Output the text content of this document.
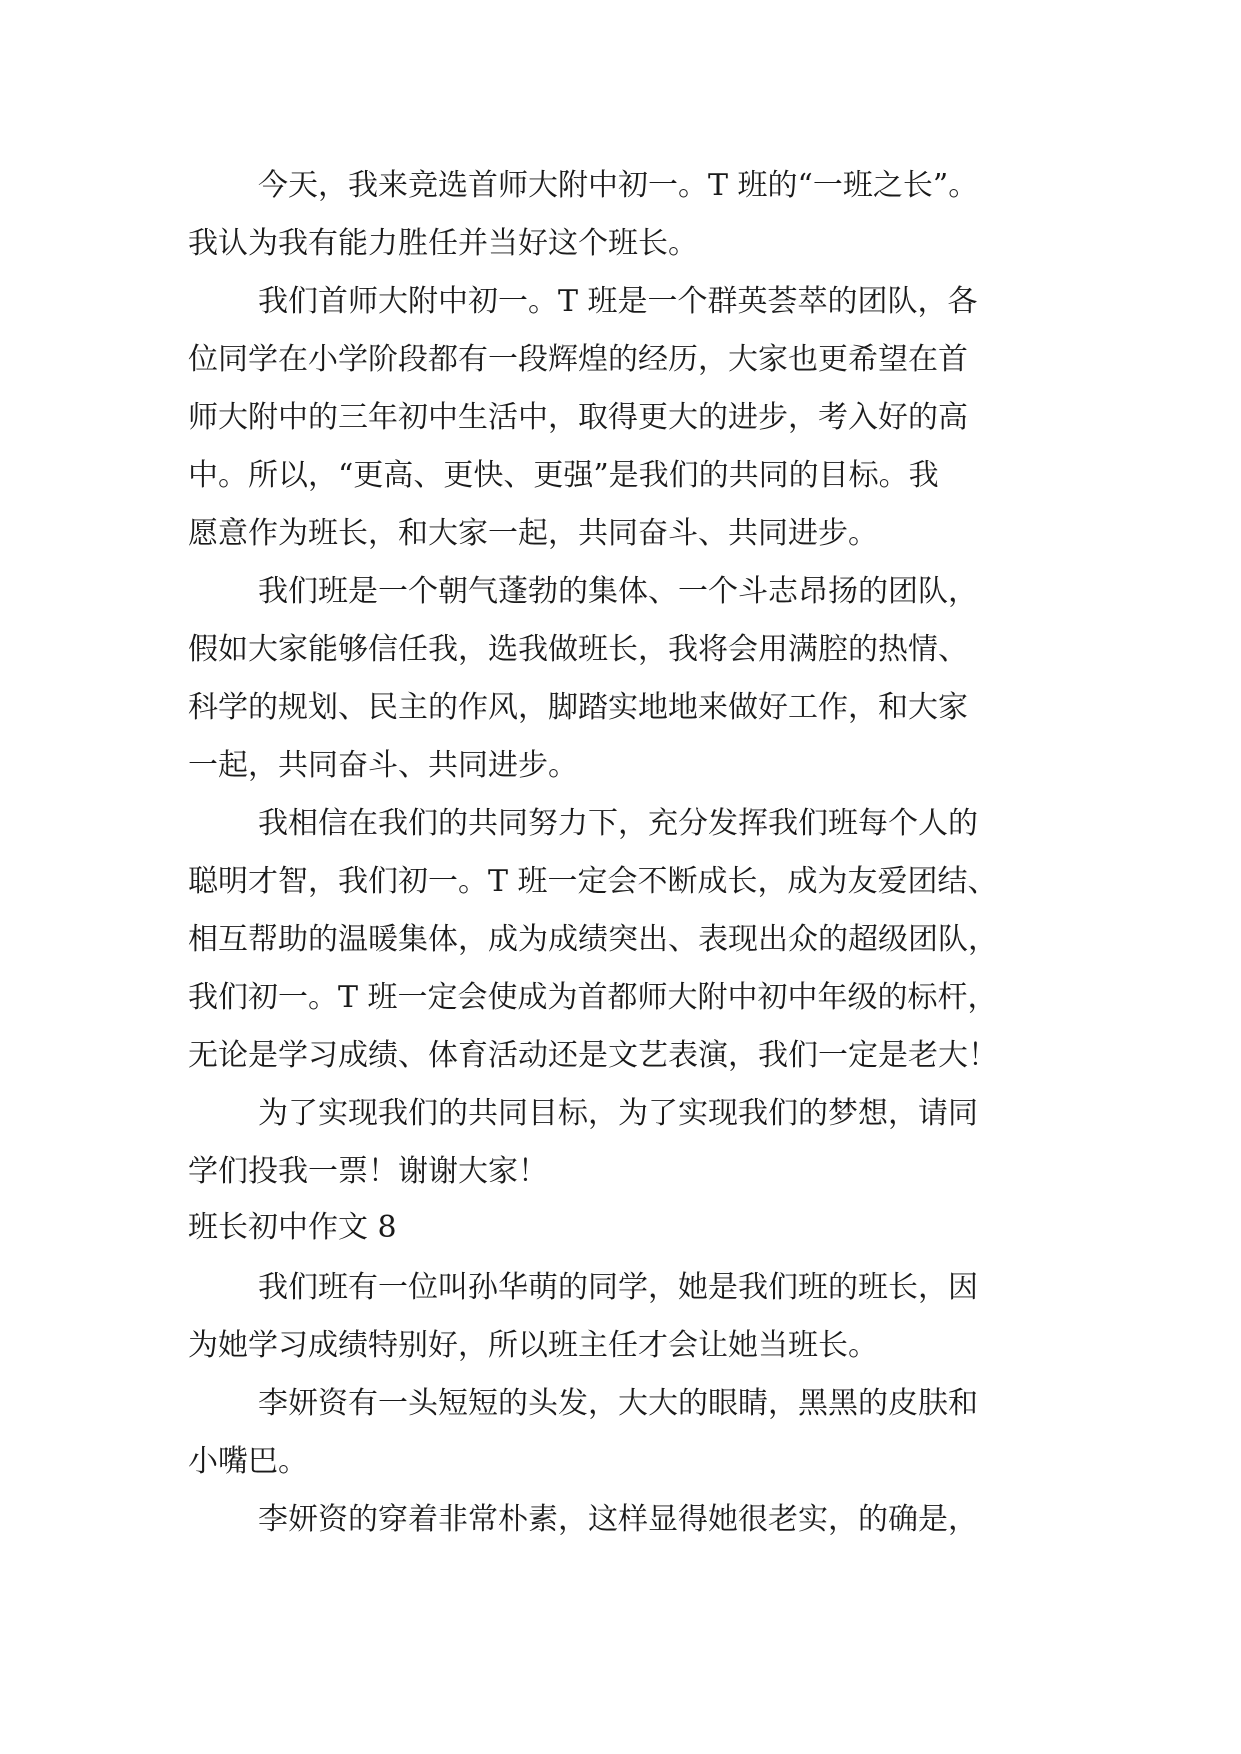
今天，我来竞选首师大附中初一。T 班的“一班之长”。

我认为我有能力胜任并当好这个班长。

我们首师大附中初一。T 班是一个群英荟萃的团队，各

位同学在小学阶段都有一段辉煌的经历，大家也更希望在首

师大附中的三年初中生活中，取得更大的进步，考入好的高

中。所以，“更高、更快、更强”是我们的共同的目标。我

愿意作为班长，和大家一起，共同奋斗、共同进步。

我们班是一个朝气蓬勃的集体、一个斗志昂扬的团队，

假如大家能够信任我，选我做班长，我将会用满腔的热情、

科学的规划、民主的作风，脚踏实地地来做好工作，和大家

一起，共同奋斗、共同进步。

我相信在我们的共同努力下，充分发挥我们班每个人的

聪明才智，我们初一。T 班一定会不断成长，成为友爱团结、

相互帮助的温暖集体，成为成绩突出、表现出众的超级团队，

我们初一。T 班一定会使成为首都师大附中初中年级的标杆，

无论是学习成绩、体育活动还是文艺表演，我们一定是老大！

为了实现我们的共同目标，为了实现我们的梦想，请同

学们投我一票！谢谢大家！

班长初中作文 8

我们班有一位叫孙华萌的同学，她是我们班的班长，因

为她学习成绩特别好，所以班主任才会让她当班长。

李妍资有一头短短的头发，大大的眼睛，黑黑的皮肤和

小嘴巴。

李妍资的穿着非常朴素，这样显得她很老实，的确是，
